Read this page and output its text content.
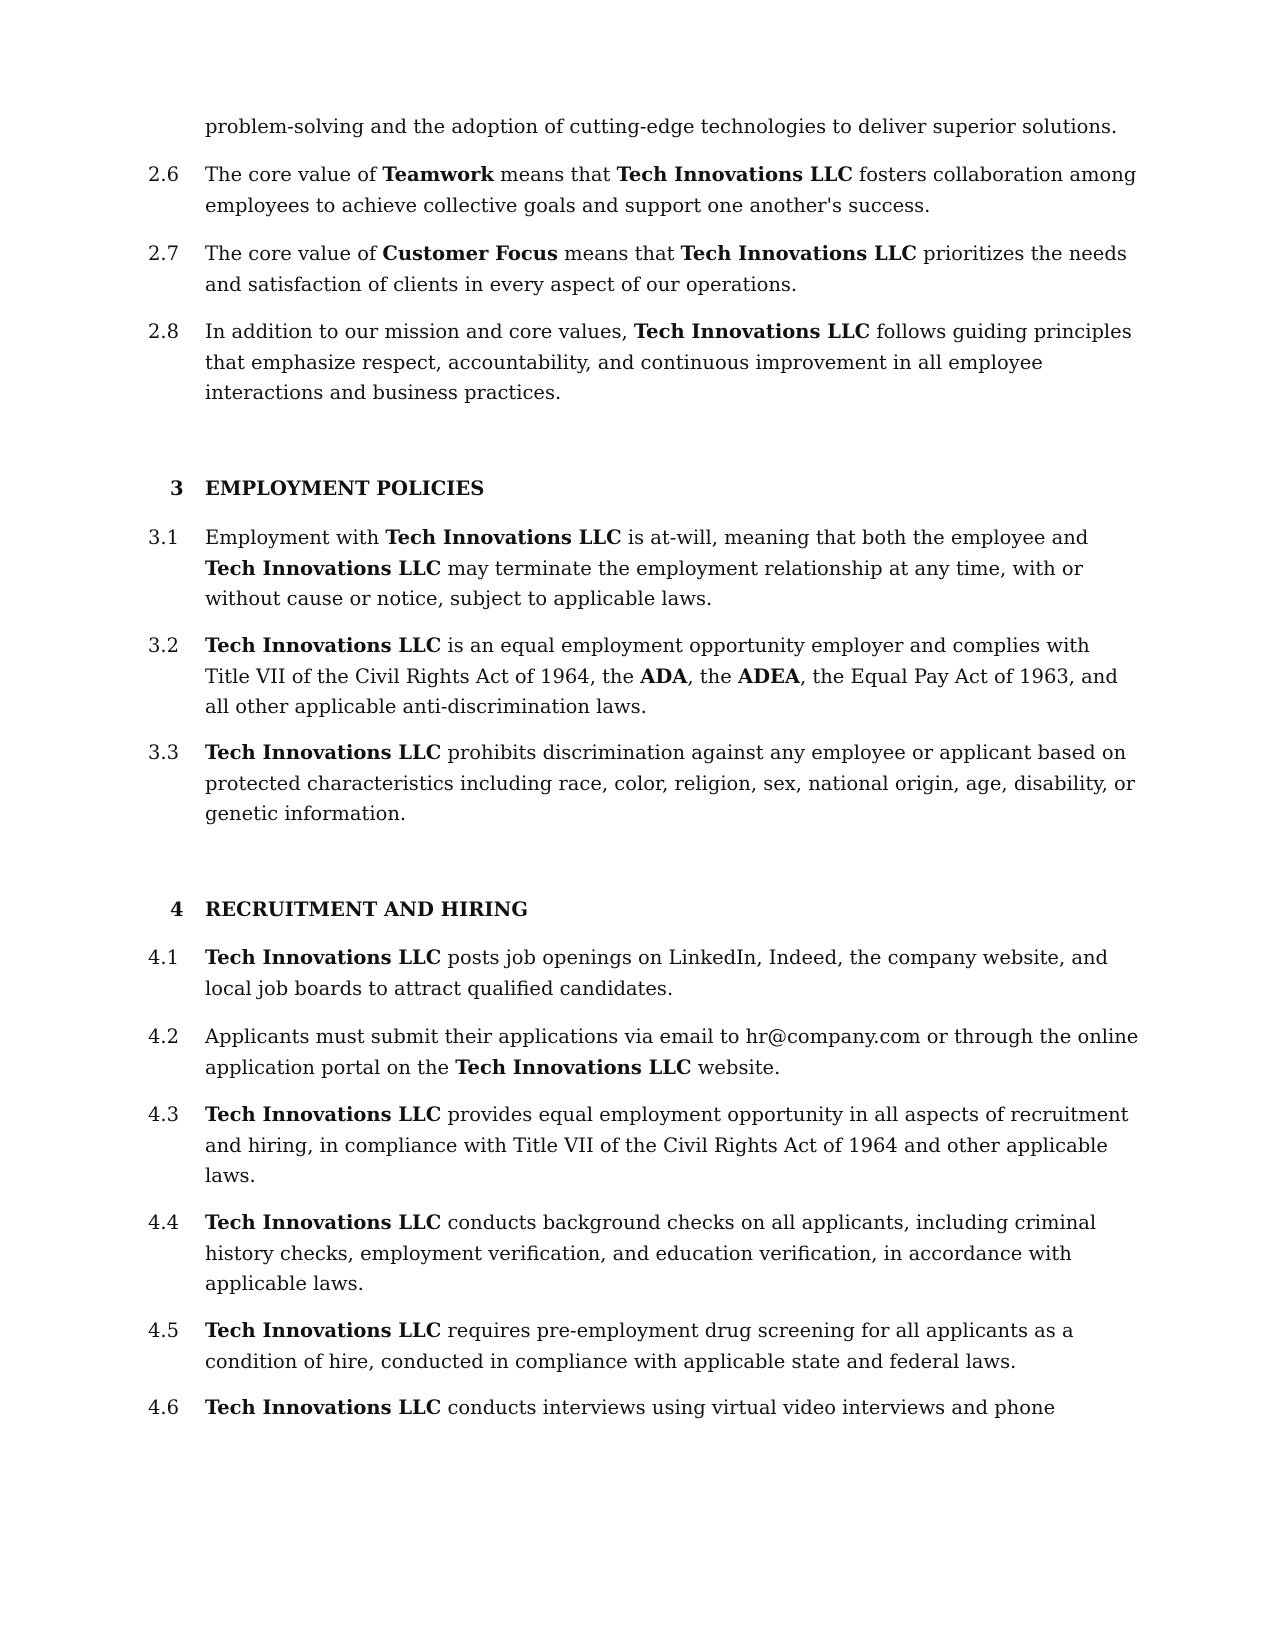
problem-solving and the adoption of cutting-edge technologies to deliver superior solutions.
2.6	The core value of Teamwork means that Tech Innovations LLC fosters collaboration among employees to achieve collective goals and support one another's success.
2.7	The core value of Customer Focus means that Tech Innovations LLC prioritizes the needs and satisfaction of clients in every aspect of our operations.
2.8	In addition to our mission and core values, Tech Innovations LLC follows guiding principles that emphasize respect, accountability, and continuous improvement in all employee interactions and business practices.
3	EMPLOYMENT POLICIES
3.1	Employment with Tech Innovations LLC is at-will, meaning that both the employee and Tech Innovations LLC may terminate the employment relationship at any time, with or without cause or notice, subject to applicable laws.
3.2	Tech Innovations LLC is an equal employment opportunity employer and complies with Title VII of the Civil Rights Act of 1964, the ADA, the ADEA, the Equal Pay Act of 1963, and all other applicable anti-discrimination laws.
3.3	Tech Innovations LLC prohibits discrimination against any employee or applicant based on protected characteristics including race, color, religion, sex, national origin, age, disability, or genetic information.
4	RECRUITMENT AND HIRING
4.1	Tech Innovations LLC posts job openings on LinkedIn, Indeed, the company website, and local job boards to attract qualified candidates.
4.2	Applicants must submit their applications via email to hr@company.com or through the online application portal on the Tech Innovations LLC website.
4.3	Tech Innovations LLC provides equal employment opportunity in all aspects of recruitment and hiring, in compliance with Title VII of the Civil Rights Act of 1964 and other applicable laws.
4.4	Tech Innovations LLC conducts background checks on all applicants, including criminal history checks, employment verification, and education verification, in accordance with applicable laws.
4.5	Tech Innovations LLC requires pre-employment drug screening for all applicants as a condition of hire, conducted in compliance with applicable state and federal laws.
4.6	Tech Innovations LLC conducts interviews using virtual video interviews and phone
